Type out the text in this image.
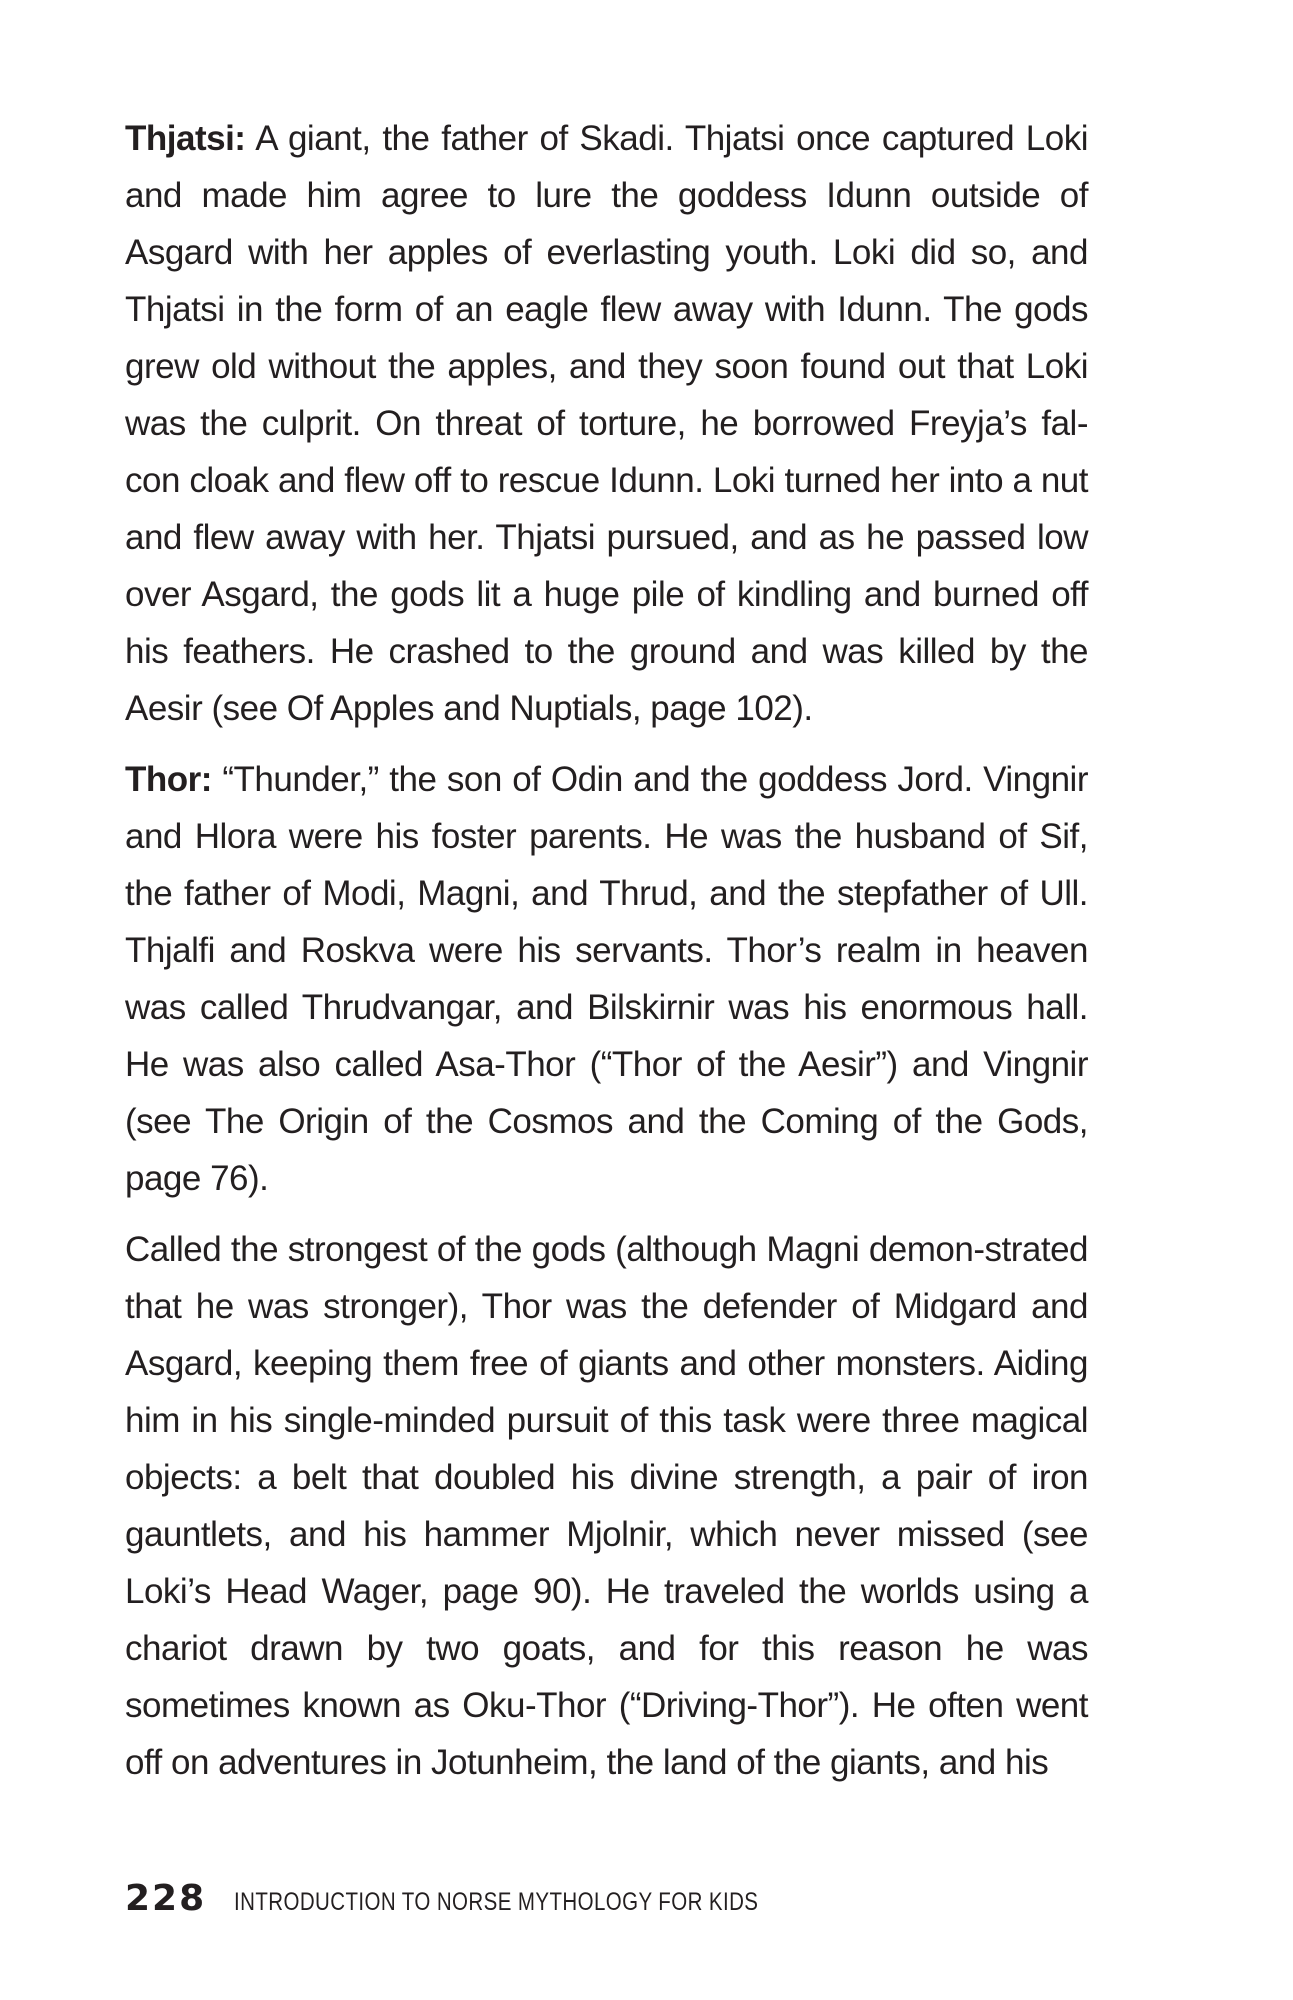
Thjatsi: A giant, the father of Skadi. Thjatsi once captured Loki and made him agree to lure the goddess Idunn outside of Asgard with her apples of everlasting youth. Loki did so, and Thjatsi in the form of an eagle flew away with Idunn. The gods grew old without the apples, and they soon found out that Loki was the culprit. On threat of torture, he borrowed Freyja’s fal-con cloak and flew off to rescue Idunn. Loki turned her into a nut and flew away with her. Thjatsi pursued, and as he passed low over Asgard, the gods lit a huge pile of kindling and burned off his feathers. He crashed to the ground and was killed by the Aesir (see Of Apples and Nuptials, page 102).

Thor: “Thunder,” the son of Odin and the goddess Jord. Vingnir and Hlora were his foster parents. He was the husband of Sif, the father of Modi, Magni, and Thrud, and the stepfather of Ull. Thjalfi and Roskva were his servants. Thor’s realm in heaven was called Thrudvangar, and Bilskirnir was his enormous hall. He was also called Asa-Thor (“Thor of the Aesir”) and Vingnir (see The Origin of the Cosmos and the Coming of the Gods, page 76).

Called the strongest of the gods (although Magni demon-strated that he was stronger), Thor was the defender of Midgard and Asgard, keeping them free of giants and other monsters. Aiding him in his single-minded pursuit of this task were three magical objects: a belt that doubled his divine strength, a pair of iron gauntlets, and his hammer Mjolnir, which never missed (see Loki’s Head Wager, page 90). He traveled the worlds using a chariot drawn by two goats, and for this reason he was sometimes known as Oku-Thor (“Driving-Thor”). He often went off on adventures in Jotunheim, the land of the giants, and his

228 INTRODUCTION TO NORSE MYTHOLOGY FOR KIDS
